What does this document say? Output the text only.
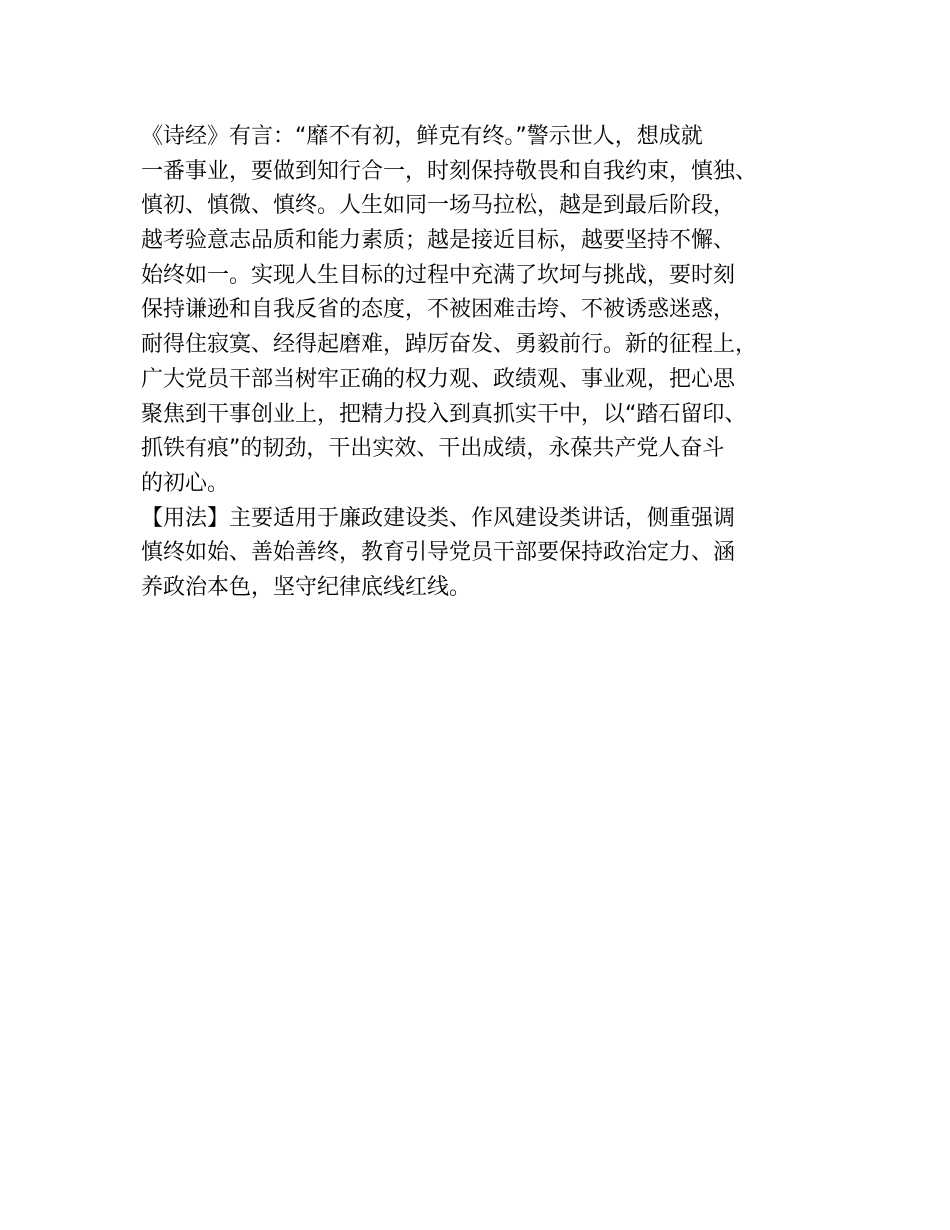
《诗经》有言：“靡不有初，鲜克有终。”警示世人，想成就
一番事业，要做到知行合一，时刻保持敬畏和自我约束，慎独、
慎初、慎微、慎终。人生如同一场马拉松，越是到最后阶段，
越考验意志品质和能力素质；越是接近目标，越要坚持不懈、
始终如一。实现人生目标的过程中充满了坎坷与挑战，要时刻
保持谦逊和自我反省的态度，不被困难击垮、不被诱惑迷惑，
耐得住寂寞、经得起磨难，踔厉奋发、勇毅前行。新的征程上，
广大党员干部当树牢正确的权力观、政绩观、事业观，把心思
聚焦到干事创业上，把精力投入到真抓实干中，以“踏石留印、
抓铁有痕”的韧劲，干出实效、干出成绩，永葆共产党人奋斗
的初心。
【用法】主要适用于廉政建设类、作风建设类讲话，侧重强调
慎终如始、善始善终，教育引导党员干部要保持政治定力、涵
养政治本色，坚守纪律底线红线。
